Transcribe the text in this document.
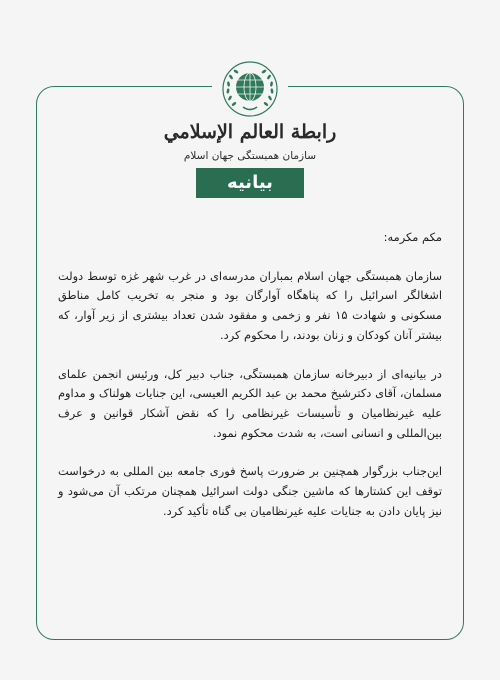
رابطة العالم الإسلامي
سازمان همبستگی جهان اسلام
بیانیه

مکم مکرمه:

سازمان همبستگی جهان اسلام بمباران مدرسه‌ای در غرب شهر غزه توسط دولت اشغالگر اسرائیل را که پناهگاه آوارگان بود و منجر به تخریب کامل مناطق مسکونی و شهادت ۱۵ نفر و زخمی و مفقود شدن تعداد بیشتری از زیر آوار، که بیشتر آنان کودکان و زنان بودند، را محکوم کرد.

در بیانیه‌ای از دبیرخانه سازمان همبستگی، جناب دبیر کل، ورئیس انجمن علمای مسلمان، آقای دکترشیخ محمد بن عبد الکریم العیسی، این جنایات هولناک و مداوم علیه غیرنظامیان و تأسیسات غیرنظامی را که نقض آشکار قوانین و عرف بین‌المللی و انسانی است، به شدت محکوم نمود.

این‌جناب بزرگوار همچنین بر ضرورت پاسخ فوری جامعه بین المللی به درخواست توقف این کشتارها که ماشین جنگی دولت اسرائیل همچنان مرتکب آن می‌شود و نیز پایان دادن به جنایات علیه غیرنظامیان بی گناه تأکید کرد.
